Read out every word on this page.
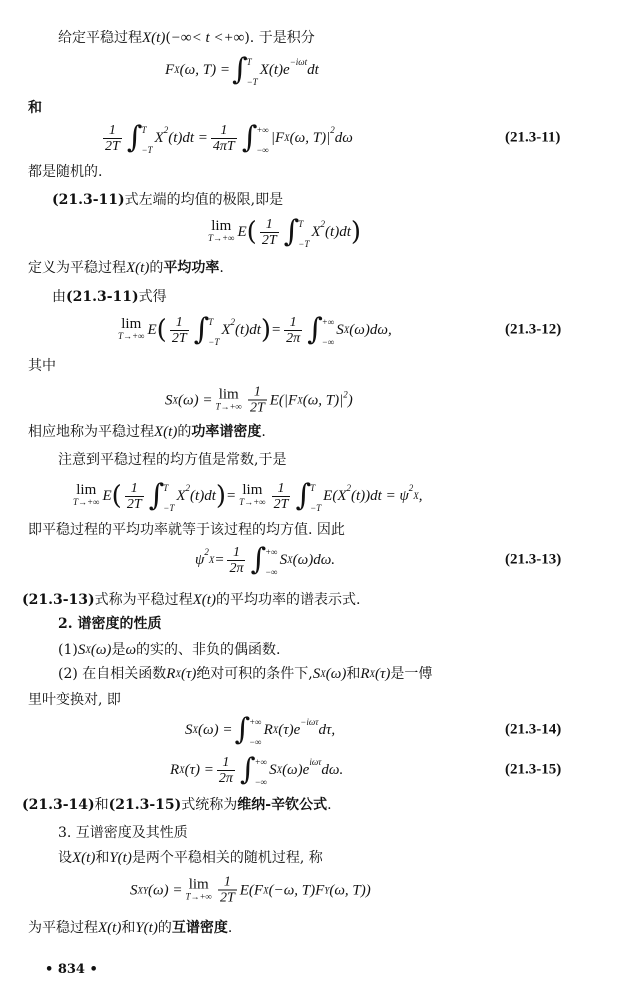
• 834 •
给定平稳过程 X(t) ( −∞< t <+∞ ). 于是积分
F X (ω, T) = ∫ T
−T
$X(t)e^{-i\omega t}$ dt
和
$\frac{1}{2T}$ ∫ T
−T
$X^2$ $(t)dt = \frac{1}{4\pi T}$ ∫ +∞
−∞
|F X (ω, $T)|^2$ dω	(21.3-11)
都是随机的.
(21.3-11) 式左端的均值的极限,即是
lim
T→+∞ E ( $\frac{1}{2T}$ ∫ T
−T
$X^2$ (t)dt )
定义为平稳过程 X(t) 的 平均功率 .
由 (21.3-11) 式得
lim
T→+∞ E ( $\frac{1}{2T}$ ∫ T
−T
$X^2$ (t)dt ) = $\frac{1}{2\pi}$ ∫ +∞
−∞
S X (ω)dω,	(21.3-12)
其中
S X (ω) = lim
$T\to+\infty \frac{1}{2T} E(|F$ X (ω, $T)|^2$ )
相应地称为平稳过程 X(t) 的 功率谱密度 .
注意到平稳过程的均方值是常数,于是
lim
T→+∞ E ( $\frac{1}{2T}$ ∫ T
−T
$X^2$ (t)dt ) = lim
$T\to+\infty \frac{1}{2T}$ ∫ T
−T
$E(X^2$ $(t))dt = \psi^2$
$_X$ ,
即平稳过程的平均功率就等于该过程的均方值. 因此
$\psi^2$
$_X = \frac{1}{2\pi}$ ∫ +∞
−∞
S X (ω)dω.	(21.3-13)
(21.3-13) 式称为平稳过程 X(t) 的平均功率的谱表示式.
2. 谱密度的性质
(1) S X (ω) 是 ω 的实的、非负的偶函数.
(2) 在自相关函数 R X (τ) 绝对可积的条件下, S X (ω) 和 R X (τ) 是一傅
里叶变换对, 即
S X (ω) = ∫ +∞
−∞
R X $(\tau)e^{-i\omega\tau}$ dτ,	(21.3-14)
R X $(\tau) = \frac{1}{2\pi}$ ∫ +∞
−∞
S X $(\omega)e^{i\omega\tau}$ dω.	(21.3-15)
(21.3-14) 和 (21.3-15) 式统称为 维纳-辛钦公式 .
3. 互谱密度及其性质
设 X(t) 和 Y(t) 是两个平稳相关的随机过程, 称
S XY (ω) = lim
$T\to+\infty \frac{1}{2T} E(F$ X (−ω, T)F Y (ω, T))
为平稳过程 X(t) 和 Y(t) 的 互谱密度 .
